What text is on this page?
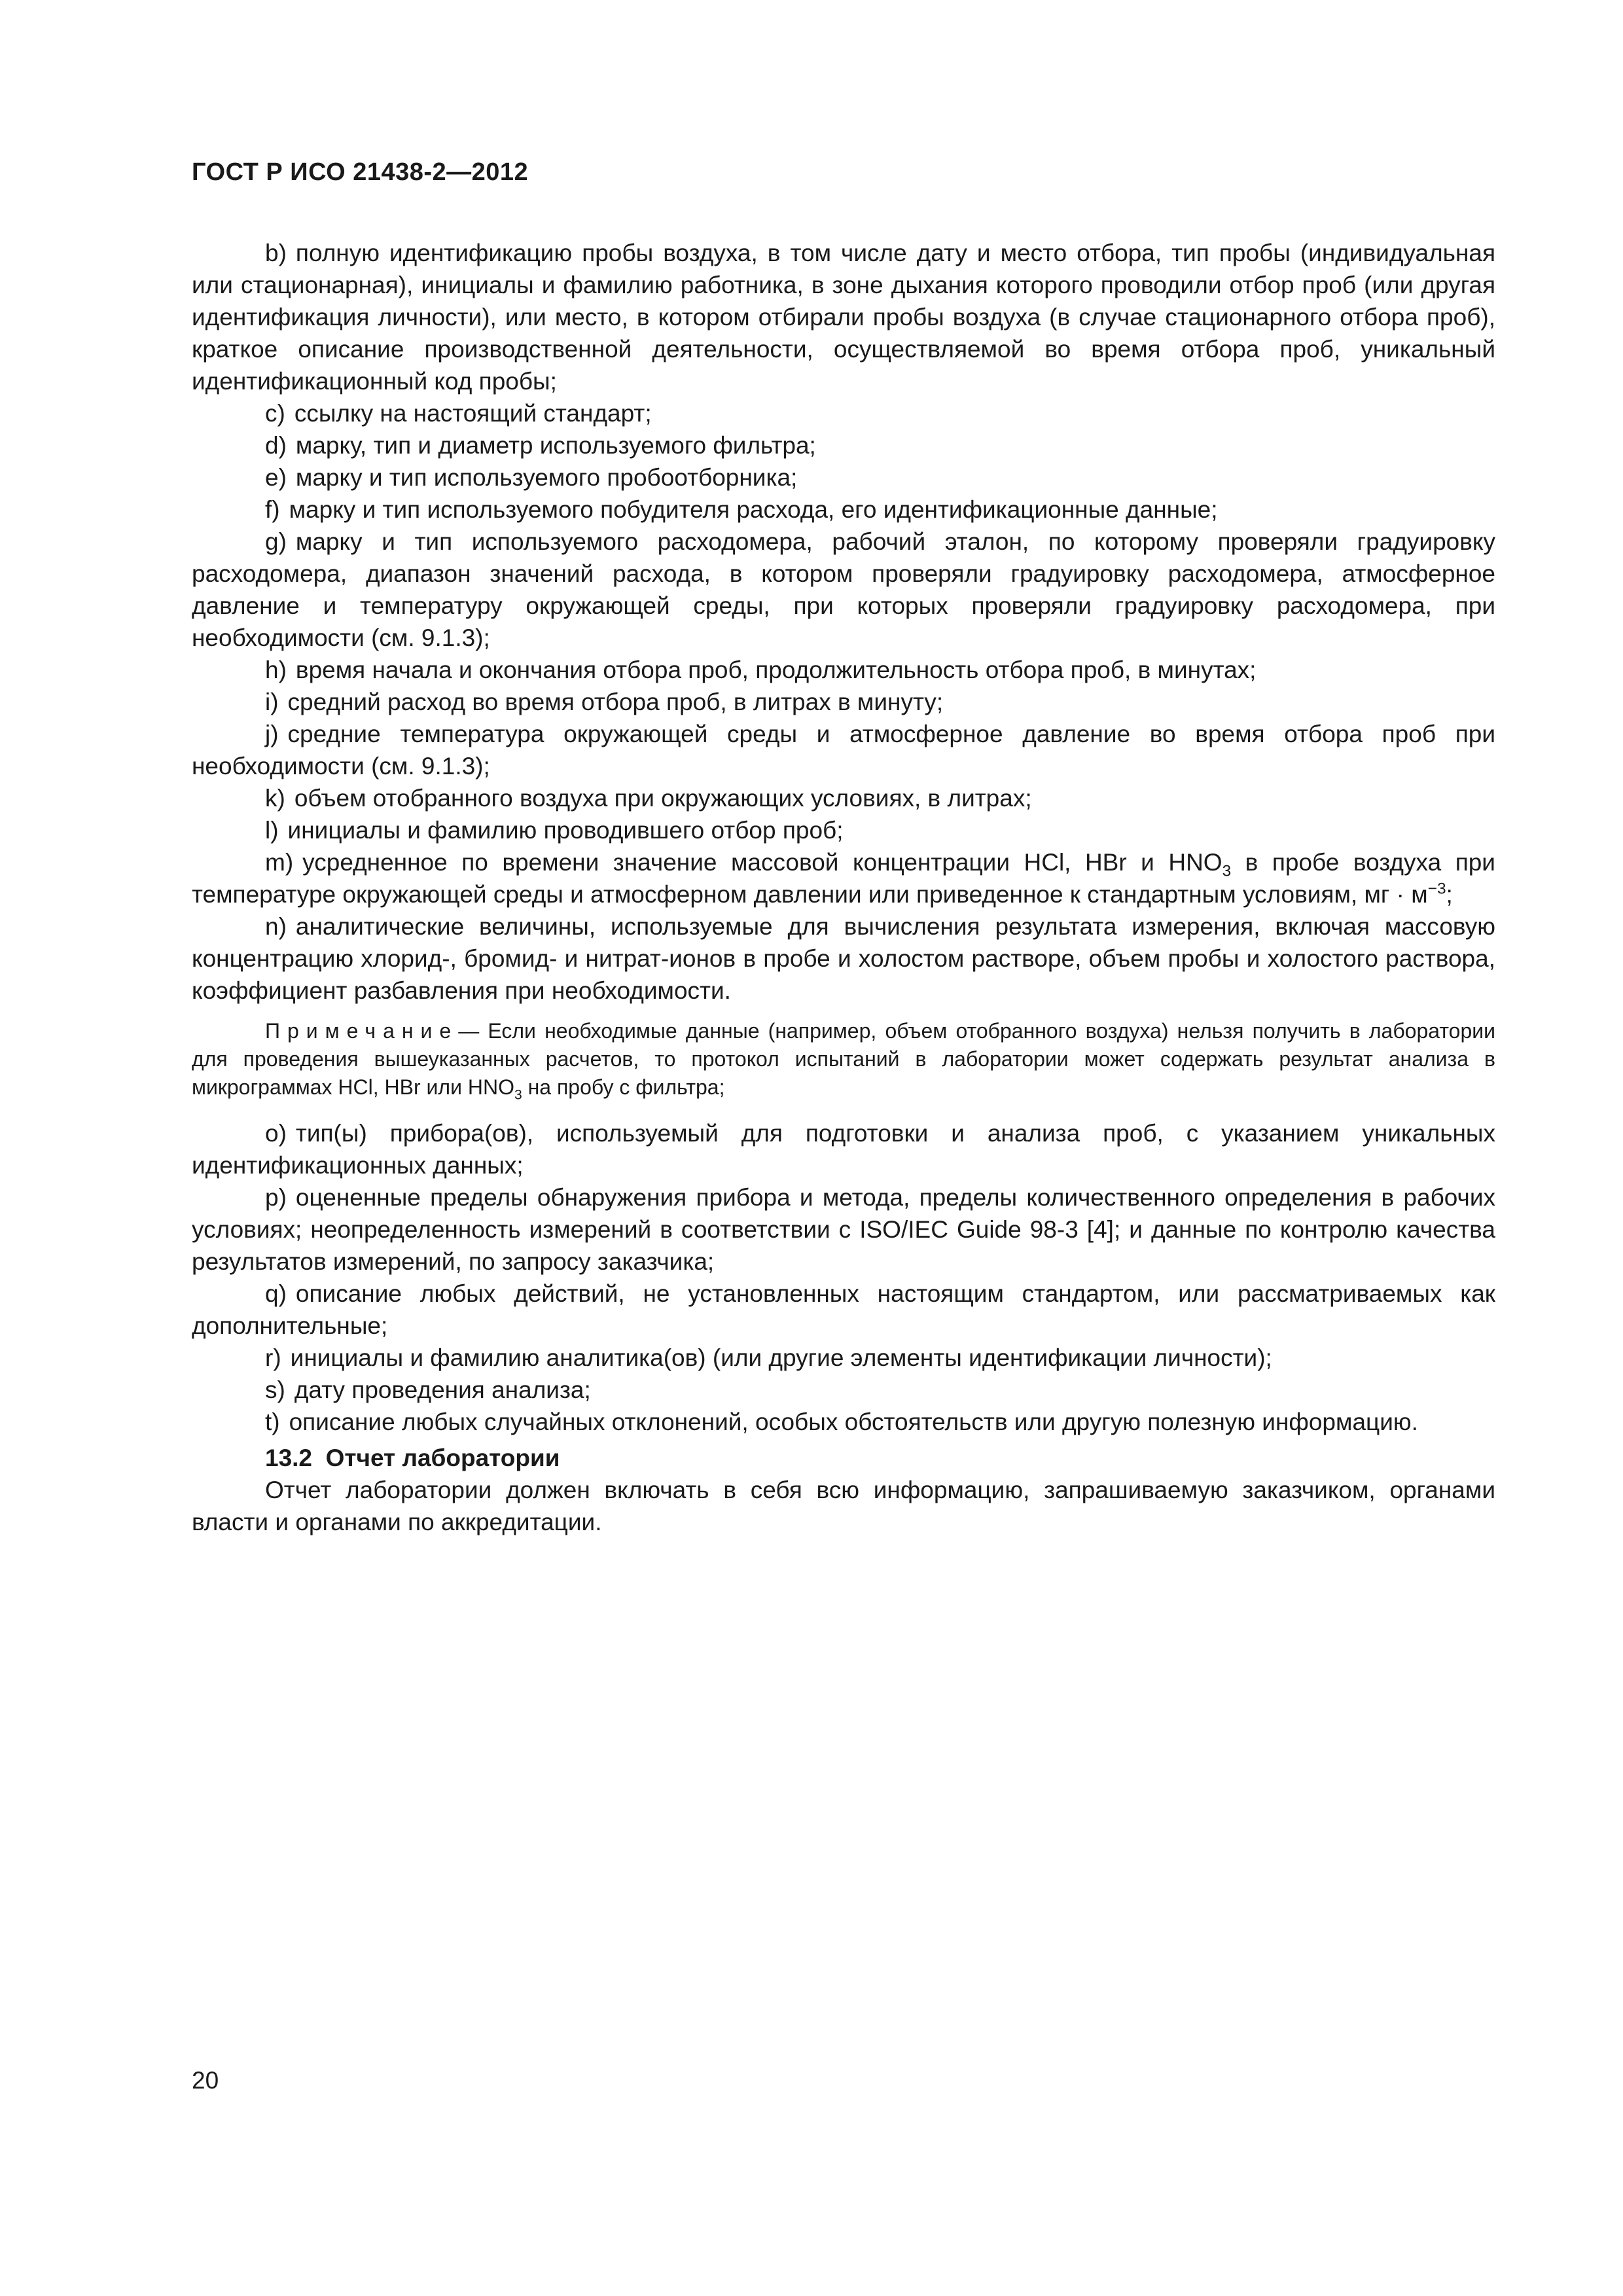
ГОСТ Р ИСО 21438-2—2012

b) полную идентификацию пробы воздуха, в том числе дату и место отбора, тип пробы (индивидуальная или стационарная), инициалы и фамилию работника, в зоне дыхания которого проводили отбор проб (или другая идентификация личности), или место, в котором отбирали пробы воздуха (в случае стационарного отбора проб), краткое описание производственной деятельности, осуществляемой во время отбора проб, уникальный идентификационный код пробы;

c) ссылку на настоящий стандарт;

d) марку, тип и диаметр используемого фильтра;

e) марку и тип используемого пробоотборника;

f) марку и тип используемого побудителя расхода, его идентификационные данные;

g) марку и тип используемого расходомера, рабочий эталон, по которому проверяли градуировку расходомера, диапазон значений расхода, в котором проверяли градуировку расходомера, атмосферное давление и температуру окружающей среды, при которых проверяли градуировку расходомера, при необходимости (см. 9.1.3);

h) время начала и окончания отбора проб, продолжительность отбора проб, в минутах;

i) средний расход во время отбора проб, в литрах в минуту;

j) средние температура окружающей среды и атмосферное давление во время отбора проб при необходимости (см. 9.1.3);

k) объем отобранного воздуха при окружающих условиях, в литрах;

l) инициалы и фамилию проводившего отбор проб;

m) усредненное по времени значение массовой концентрации HCl, HBr и $HNO_3$ в пробе воздуха при температуре окружающей среды и атмосферном давлении или приведенное к стандартным условиям, мг · $м^{-3}$;

n) аналитические величины, используемые для вычисления результата измерения, включая массовую концентрацию хлорид-, бромид- и нитрат-ионов в пробе и холостом растворе, объем пробы и холостого раствора, коэффициент разбавления при необходимости.

Примечание— Если необходимые данные (например, объем отобранного воздуха) нельзя получить в лаборатории для проведения вышеуказанных расчетов, то протокол испытаний в лаборатории может содержать результат анализа в микрограммах HCl, HBr или $HNO_3$ на пробу с фильтра;

o) тип(ы) прибора(ов), используемый для подготовки и анализа проб, с указанием уникальных идентификационных данных;

p) оцененные пределы обнаружения прибора и метода, пределы количественного определения в рабочих условиях; неопределенность измерений в соответствии с ISO/IEC Guide 98-3 [4]; и данные по контролю качества результатов измерений, по запросу заказчика;

q) описание любых действий, не установленных настоящим стандартом, или рассматриваемых как дополнительные;

r) инициалы и фамилию аналитика(ов) (или другие элементы идентификации личности);

s) дату проведения анализа;

t) описание любых случайных отклонений, особых обстоятельств или другую полезную информацию.

13.2 Отчет лаборатории

Отчет лаборатории должен включать в себя всю информацию, запрашиваемую заказчиком, органами власти и органами по аккредитации.

20
